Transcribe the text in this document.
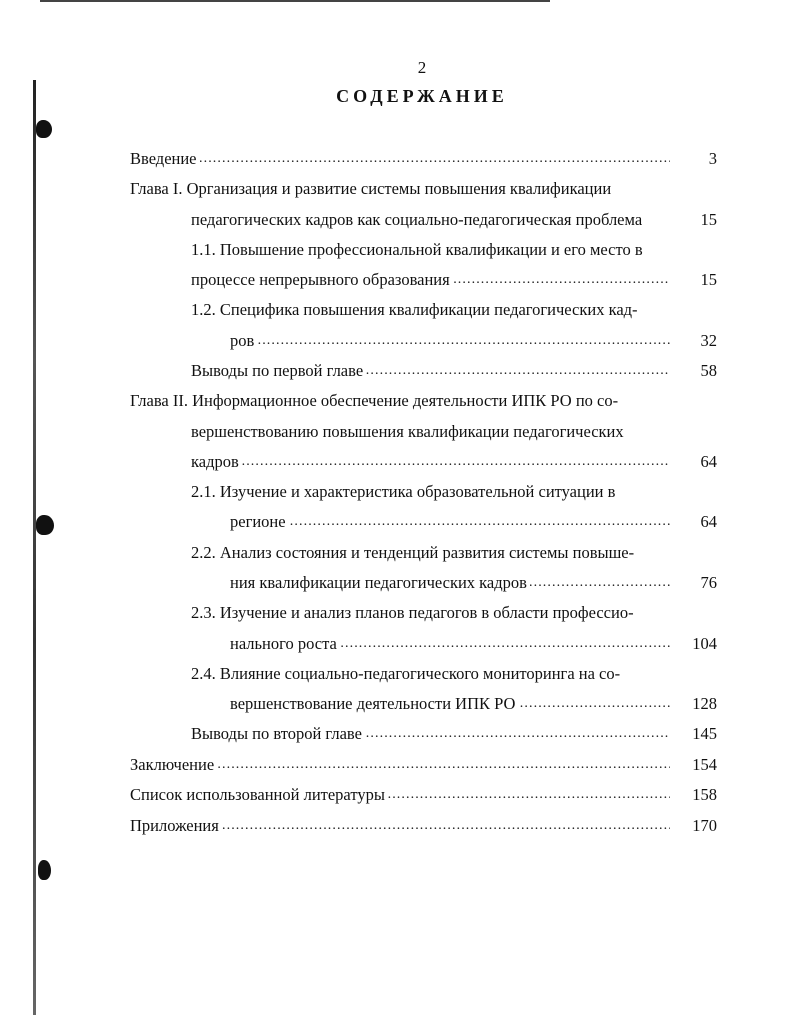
2
СОДЕРЖАНИЕ
Введение . . .	3
Глава I. Организация и развитие системы повышения квалификации
педагогических кадров как социально-педагогическая проблема	15
1.1. Повышение профессиональной квалификации и его место в
процессе непрерывного образования . . .	15
1.2. Специфика повышения квалификации педагогических кад-
ров . . .	32
Выводы по первой главе . . .	58
Глава II. Информационное обеспечение деятельности ИПК РО по со-
вершенствованию повышения квалификации педагогических
кадров . . .	64
2.1. Изучение и характеристика образовательной ситуации в
регионе . . .	64
2.2. Анализ состояния и тенденций развития системы повыше-
ния квалификации педагогических кадров . . .	76
2.3. Изучение и анализ планов педагогов в области профессио-
нального роста . . .	104
2.4. Влияние социально-педагогического мониторинга на со-
вершенствование деятельности ИПК РО . . .	128
Выводы по второй главе . . .	145
Заключение . . .	154
Список использованной литературы . . .	158
Приложения . . .	170
